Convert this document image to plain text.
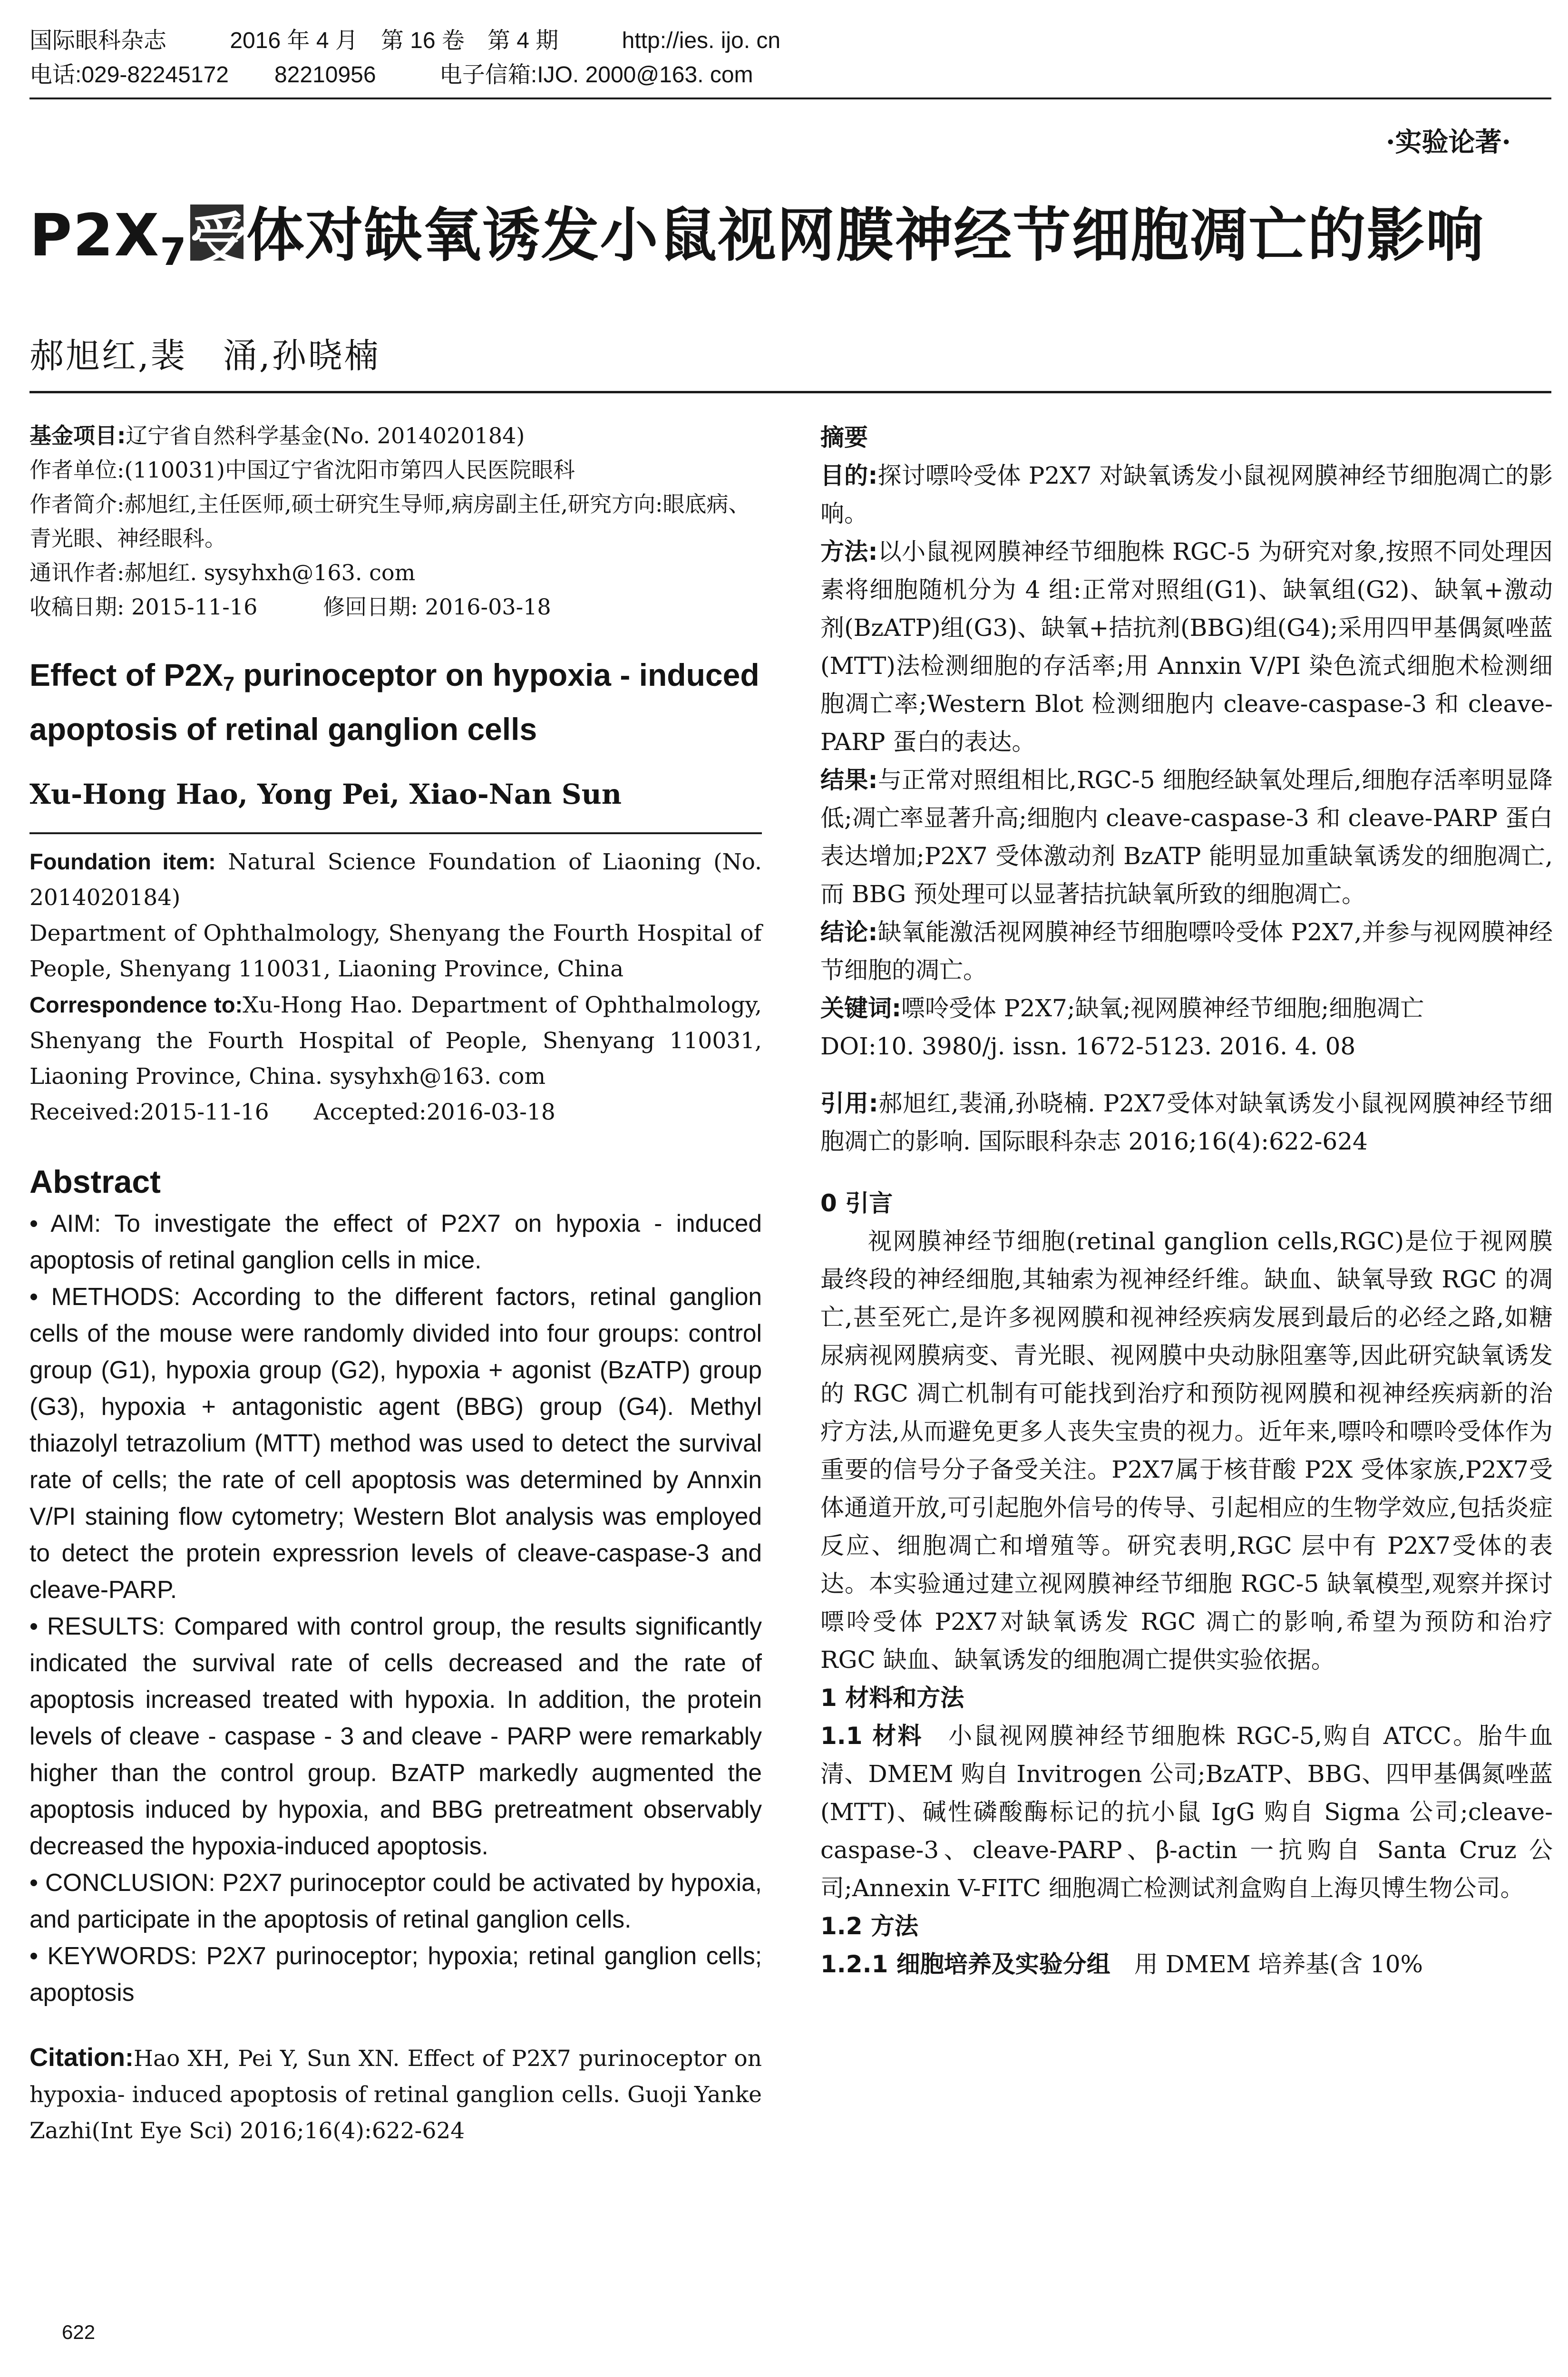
国际眼科杂志	2016 年 4 月　第 16 卷　第 4 期	http://ies. ijo. cn
电话:029-82245172　　82210956	电子信箱:IJO. 2000@163. com
·实验论著·
$P2X_7$受体对缺氧诱发小鼠视网膜神经节细胞凋亡的影响
郝旭红,裴　涌,孙晓楠

基金项目:辽宁省自然科学基金(No. 2014020184)

作者单位:(110031)中国辽宁省沈阳市第四人民医院眼科

作者简介:郝旭红,主任医师,硕士研究生导师,病房副主任,研究方向:眼底病、青光眼、神经眼科。

通讯作者:郝旭红. sysyhxh@163. com

收稿日期: 2015-11-16　　　修回日期: 2016-03-18

Effect of $P2X_7$ purinoceptor on hypoxia - induced apoptosis of retinal ganglion cells
Xu-Hong Hao, Yong Pei, Xiao-Nan Sun

Foundation item: Natural Science Foundation of Liaoning (No. 2014020184)

Department of Ophthalmology, Shenyang the Fourth Hospital of People, Shenyang 110031, Liaoning Province, China

Correspondence to:Xu-Hong Hao. Department of Ophthalmology, Shenyang the Fourth Hospital of People, Shenyang 110031, Liaoning Province, China. sysyhxh@163. com

Received:2015-11-16　　Accepted:2016-03-18

Abstract

• AIM: To investigate the effect of P2X7 on hypoxia - induced apoptosis of retinal ganglion cells in mice.

• METHODS: According to the different factors, retinal ganglion cells of the mouse were randomly divided into four groups: control group (G1), hypoxia group (G2), hypoxia + agonist (BzATP) group (G3), hypoxia + antagonistic agent (BBG) group (G4). Methyl thiazolyl tetrazolium (MTT) method was used to detect the survival rate of cells; the rate of cell apoptosis was determined by Annxin V/PI staining flow cytometry; Western Blot analysis was employed to detect the protein expressrion levels of cleave-caspase-3 and cleave-PARP.

• RESULTS: Compared with control group, the results significantly indicated the survival rate of cells decreased and the rate of apoptosis increased treated with hypoxia. In addition, the protein levels of cleave - caspase - 3 and cleave - PARP were remarkably higher than the control group. BzATP markedly augmented the apoptosis induced by hypoxia, and BBG pretreatment observably decreased the hypoxia-induced apoptosis.

• CONCLUSION: P2X7 purinoceptor could be activated by hypoxia, and participate in the apoptosis of retinal ganglion cells.

• KEYWORDS: P2X7 purinoceptor; hypoxia; retinal ganglion cells; apoptosis

Citation:Hao XH, Pei Y, Sun XN. Effect of P2X7 purinoceptor on hypoxia- induced apoptosis of retinal ganglion cells. Guoji Yanke Zazhi(Int Eye Sci) 2016;16(4):622-624
622
摘要

目的:探讨嘌呤受体 P2X7 对缺氧诱发小鼠视网膜神经节细胞凋亡的影响。

方法:以小鼠视网膜神经节细胞株 RGC-5 为研究对象,按照不同处理因素将细胞随机分为 4 组:正常对照组(G1)、缺氧组(G2)、缺氧+激动剂(BzATP)组(G3)、缺氧+拮抗剂(BBG)组(G4);采用四甲基偶氮唑蓝(MTT)法检测细胞的存活率;用 Annxin V/PI 染色流式细胞术检测细胞凋亡率;Western Blot 检测细胞内 cleave-caspase-3 和 cleave-PARP 蛋白的表达。

结果:与正常对照组相比,RGC-5 细胞经缺氧处理后,细胞存活率明显降低;凋亡率显著升高;细胞内 cleave-caspase-3 和 cleave-PARP 蛋白表达增加;P2X7 受体激动剂 BzATP 能明显加重缺氧诱发的细胞凋亡,而 BBG 预处理可以显著拮抗缺氧所致的细胞凋亡。

结论:缺氧能激活视网膜神经节细胞嘌呤受体 P2X7,并参与视网膜神经节细胞的凋亡。

关键词:嘌呤受体 P2X7;缺氧;视网膜神经节细胞;细胞凋亡

DOI:10. 3980/j. issn. 1672-5123. 2016. 4. 08

引用:郝旭红,裴涌,孙晓楠. P2X7受体对缺氧诱发小鼠视网膜神经节细胞凋亡的影响. 国际眼科杂志 2016;16(4):622-624

0 引言

视网膜神经节细胞(retinal ganglion cells,RGC)是位于视网膜最终段的神经细胞,其轴索为视神经纤维。缺血、缺氧导致 RGC 的凋亡,甚至死亡,是许多视网膜和视神经疾病发展到最后的必经之路,如糖尿病视网膜病变、青光眼、视网膜中央动脉阻塞等,因此研究缺氧诱发的 RGC 凋亡机制有可能找到治疗和预防视网膜和视神经疾病新的治疗方法,从而避免更多人丧失宝贵的视力。近年来,嘌呤和嘌呤受体作为重要的信号分子备受关注。P2X7属于核苷酸 P2X 受体家族,P2X7受体通道开放,可引起胞外信号的传导、引起相应的生物学效应,包括炎症反应、细胞凋亡和增殖等。研究表明,RGC 层中有 P2X7受体的表达。本实验通过建立视网膜神经节细胞 RGC-5 缺氧模型,观察并探讨嘌呤受体 P2X7对缺氧诱发 RGC 凋亡的影响,希望为预防和治疗 RGC 缺血、缺氧诱发的细胞凋亡提供实验依据。

1 材料和方法

1.1 材料　 小鼠视网膜神经节细胞株 RGC-5,购自 ATCC。胎牛血清、DMEM 购自 Invitrogen 公司;BzATP、BBG、四甲基偶氮唑蓝(MTT)、碱性磷酸酶标记的抗小鼠 IgG 购自 Sigma 公司;cleave-caspase-3、cleave-PARP、β-actin 一抗购自 Santa Cruz 公司;Annexin V-FITC 细胞凋亡检测试剂盒购自上海贝博生物公司。

1.2 方法

1.2.1 细胞培养及实验分组　 用 DMEM 培养基(含 10%
